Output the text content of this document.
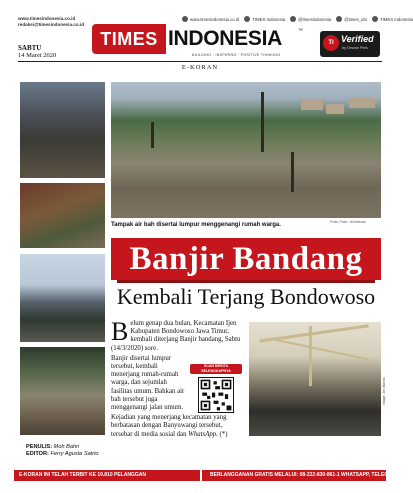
www.timesindonesia.co.id
redaksi@timesindonesia.co.id
SABTU
14 Maret 2020
www.timesindonesia.co.id	TIMES Indonesia	@timesindonesia	@times_idn	TIMES Indonesia
TIMES INDONESIA	™
BUILDING · INSPIRING · POSITIVE THINKING
TI Verified
by Dewan Pers
E-KORAN
Foto-Foto: Ishmewa
Tampak air bah disertai lumpur menggenangi rumah warga.
Banjir Bandang
Kembali Terjang Bondowoso

Belum genap dua bulan, Kecamatan Ijen Kabupaten Bondowoso Jawa Timur, kembali diterjang Banjir bandang, Sabtu (14/3/2020) sore.

Banjir disertai lumpur tersebut, kembali menerjang rumah-rumah warga, dan sejumlah fasilitas umum. Bahkan air bah tersebut juga menggenangi jalan umum.

Kejadian yang menerjang kecamatan yang berbatasan dengan Banyuwangi tersebut, tersebar di media sosial dan WhatsApp. (*)

SCAN BERITA SELENGKAPNYA
Image: Jen Bahria
PENULIS: Moh Bahri
EDITOR: Ferry Agusta Satrio
E-KORAN INI TELAH TERBIT KE 19.810 PELANGGAN	BERLANGGANAN GRATIS MELALUI: 08-222-830-861-1 WHATSAPP, TELEGRAM
